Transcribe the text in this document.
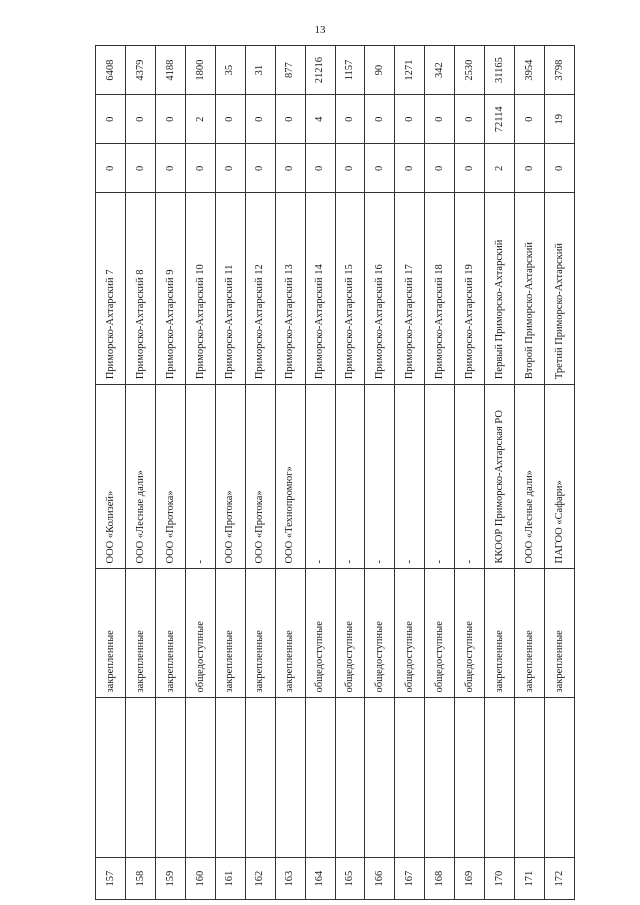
13
157		закрепленные	ООО «Колизей»	Приморско-Ахтарский 7	0	0	6408
158		закрепленные	ООО «Лесные дали»	Приморско-Ахтарский 8	0	0	4379
159		закрепленные	ООО «Протока»	Приморско-Ахтарский 9	0	0	4188
160		общедоступные	-	Приморско-Ахтарский 10	0	2	1800
161		закрепленные	ООО «Протока»	Приморско-Ахтарский 11	0	0	35
162		закрепленные	ООО «Протока»	Приморско-Ахтарский 12	0	0	31
163		закрепленные	ООО «Технопромюг»	Приморско-Ахтарский 13	0	0	877
164		общедоступные	-	Приморско-Ахтарский 14	0	4	21216
165		общедоступные	-	Приморско-Ахтарский 15	0	0	1157
166		общедоступные	-	Приморско-Ахтарский 16	0	0	90
167		общедоступные	-	Приморско-Ахтарский 17	0	0	1271
168		общедоступные	-	Приморско-Ахтарский 18	0	0	342
169		общедоступные	-	Приморско-Ахтарский 19	0	0	2530
170		закрепленные	ККООР Приморско-Ахтарская РО	Первый Приморско-Ахтарский	2	72114	31165
171		закрепленные	ООО «Лесные дали»	Второй Приморско-Ахтарский	0	0	3954
172		закрепленные	ПАГОО «Сафари»	Третий Приморско-Ахтарский	0	19	3798
